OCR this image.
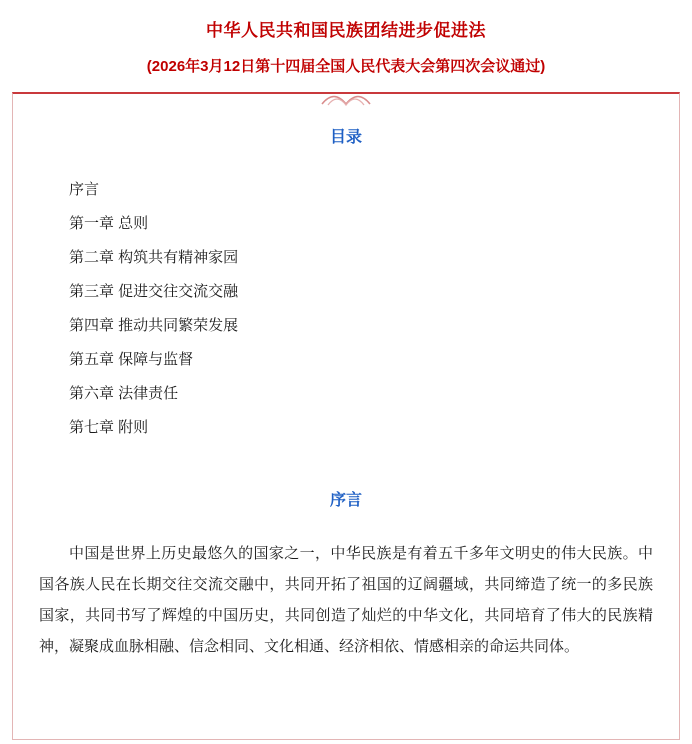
中华人民共和国民族团结进步促进法
(2026年3月12日第十四届全国人民代表大会第四次会议通过)
目录
序言
第一章 总则
第二章 构筑共有精神家园
第三章 促进交往交流交融
第四章 推动共同繁荣发展
第五章 保障与监督
第六章 法律责任
第七章 附则
序言

中国是世界上历史最悠久的国家之一，中华民族是有着五千多年文明史的伟大民族。中国各族人民在长期交往交流交融中，共同开拓了祖国的辽阔疆域，共同缔造了统一的多民族国家，共同书写了辉煌的中国历史，共同创造了灿烂的中华文化，共同培育了伟大的民族精神，凝聚成血脉相融、信念相同、文化相通、经济相依、情感相亲的命运共同体。
